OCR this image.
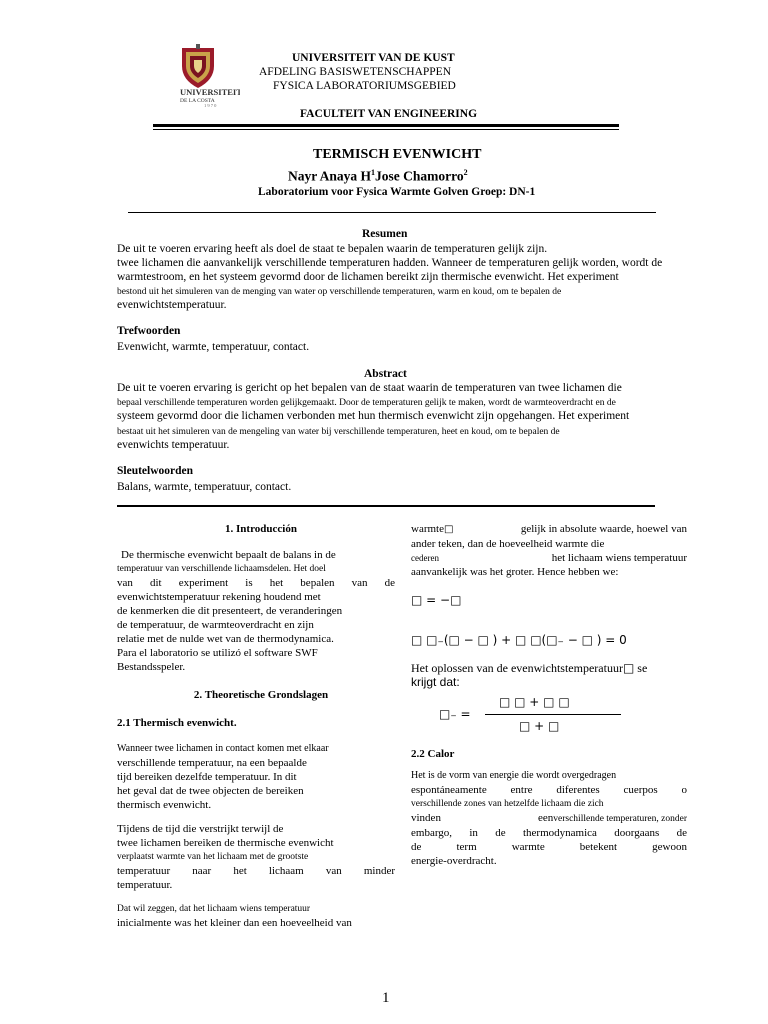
UNIVERSITEIT
DE LA COSTA
1 9 7 0
UNIVERSITEIT VAN DE KUST
AFDELING BASISWETENSCHAPPEN
FYSICA LABORATORIUMSGEBIED
FACULTEIT VAN ENGINEERING
TERMISCH EVENWICHT
Nayr Anaya $H^1Jose$ Chamorro$^2$
Laboratorium voor Fysica Warmte Golven Groep: DN-1
Resumen
De uit te voeren ervaring heeft als doel de staat te bepalen waarin de temperaturen gelijk zijn.
twee lichamen die aanvankelijk verschillende temperaturen hadden. Wanneer de temperaturen gelijk worden, wordt de
warmtestroom, en het systeem gevormd door de lichamen bereikt zijn thermische evenwicht. Het experiment
bestond uit het simuleren van de menging van water op verschillende temperaturen, warm en koud, om te bepalen de
evenwichtstemperatuur.
Trefwoorden
Evenwicht, warmte, temperatuur, contact.
Abstract
De uit te voeren ervaring is gericht op het bepalen van de staat waarin de temperaturen van twee lichamen die
bepaal verschillende temperaturen worden gelijkgemaakt. Door de temperaturen gelijk te maken, wordt de warmteoverdracht en de
systeem gevormd door die lichamen verbonden met hun thermisch evenwicht zijn opgehangen. Het experiment
bestaat uit het simuleren van de mengeling van water bij verschillende temperaturen, heet en koud, om te bepalen de
evenwichts temperatuur.
Sleutelwoorden
Balans, warmte, temperatuur, contact.

1. Introducción

De thermische evenwicht bepaalt de balans in de

temperatuur van verschillende lichaamsdelen. Het doel

van dit experiment is het bepalen van de

evenwichtstemperatuur rekening houdend met

de kenmerken die dit presenteert, de veranderingen

de temperatuur, de warmteoverdracht en zijn

relatie met de nulde wet van de thermodynamica.

Para el laboratorio se utilizó el software SWF

Bestandsspeler.

2. Theoretische Grondslagen

2.1 Thermisch evenwicht.

Wanneer twee lichamen in contact komen met elkaar

verschillende temperatuur, na een bepaalde

tijd bereiken dezelfde temperatuur. In dit

het geval dat de twee objecten de bereiken

thermisch evenwicht.

Tijdens de tijd die verstrijkt terwijl de

twee lichamen bereiken de thermische evenwicht

verplaatst warmte van het lichaam met de grootste

temperatuur naar het lichaam van minder

temperatuur.

Dat wil zeggen, dat het lichaam wiens temperatuur

inicialmente was het kleiner dan een hoeveelheid van

warmte□	gelijk in absolute waarde, hoewel van

ander teken, dan de hoeveelheid warmte die

cederen	het lichaam wiens temperatuur

aanvankelijk was het groter. Hence hebben we:

□ = −□

□ □₋(□ − □ ) + □ □(□₋ − □ ) = 0

Het oplossen van de evenwichtstemperatuur□ se

krijgt dat:

□₋ =
□ □ + □ □
□ + □

2.2 Calor

Het is de vorm van energie die wordt overgedragen

espontáneamente entre diferentes cuerpos o

verschillende zones van hetzelfde lichaam die zich

vinden	eenverschillende temperaturen, zonder

embargo, in de thermodynamica doorgaans de

de	term	warmte	betekent	gewoon

energie-overdracht.

1
